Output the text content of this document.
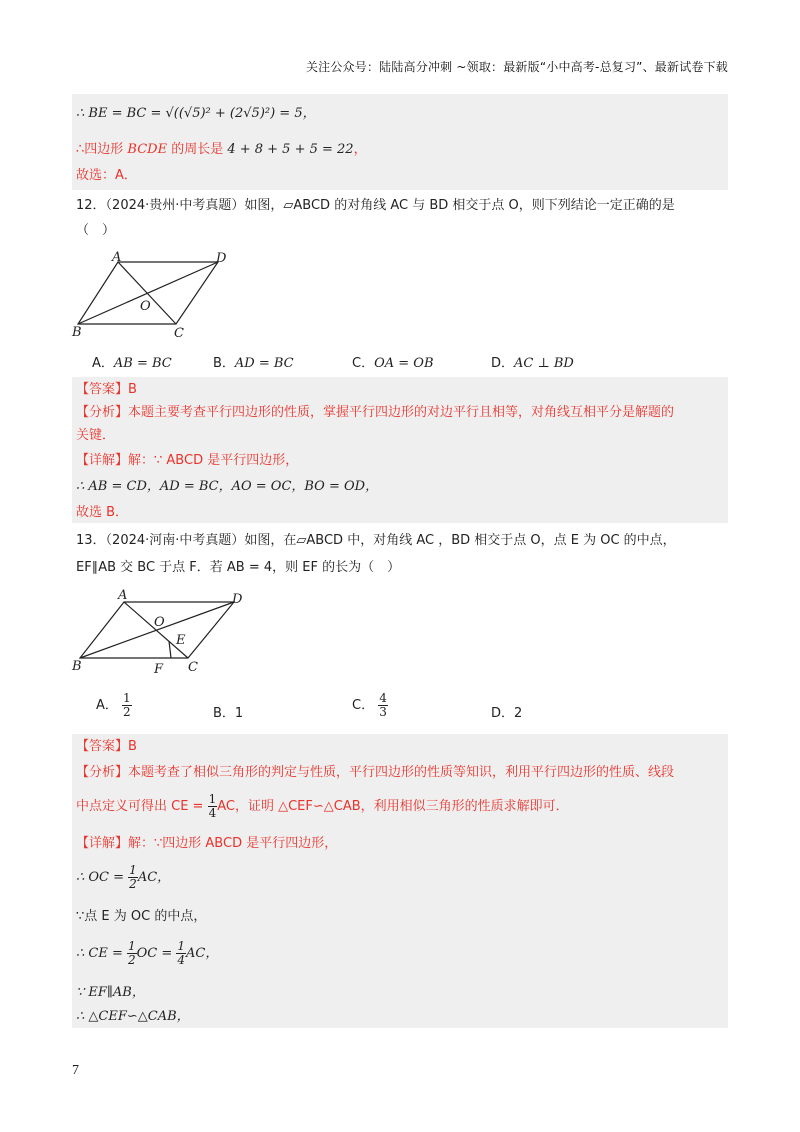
关注公众号：陆陆高分冲刺 ~领取：最新版“小中高考-总复习”、最新试卷下载
∴ BE = BC = √((√5)² + (2√5)²) = 5，
∴四边形 BCDE 的周长是 4 + 8 + 5 + 5 = 22，
故选：A．
12．（2024·贵州·中考真题）如图，▱ABCD 的对角线 AC 与 BD 相交于点 O，则下列结论一定正确的是
（　）
A	D
B	C
O
A．AB = BC	B．AD = BC	C．OA = OB	D．AC ⊥ BD
【答案】B
【分析】本题主要考查平行四边形的性质，掌握平行四边形的对边平行且相等，对角线互相平分是解题的
关键．
【详解】解：∵ ABCD 是平行四边形，
∴ AB = CD，AD = BC，AO = OC，BO = OD，
故选 B．
13．（2024·河南·中考真题）如图，在▱ABCD 中，对角线 AC ，BD 相交于点 O，点 E 为 OC 的中点，
EF∥AB 交 BC 于点 F．若 AB = 4，则 EF 的长为（　）
A	D
B	C
O
E
F
A． $\frac{1}{2}$	B．1
C． $\frac{4}{3}$	D．2
【答案】B
【分析】本题考查了相似三角形的判定与性质，平行四边形的性质等知识，利用平行四边形的性质、线段
中点定义可得出 CE = $\frac{1}{4}$ AC，证明 △CEF∽△CAB，利用相似三角形的性质求解即可．
【详解】解：∵四边形 ABCD 是平行四边形，
∴ OC = $\frac{1}{2}$ AC，
∵点 E 为 OC 的中点，
∴ CE = $\frac{1}{2}$ OC = $\frac{1}{4}$ AC，
∵ EF∥AB，
∴ △CEF∽△CAB，
7
